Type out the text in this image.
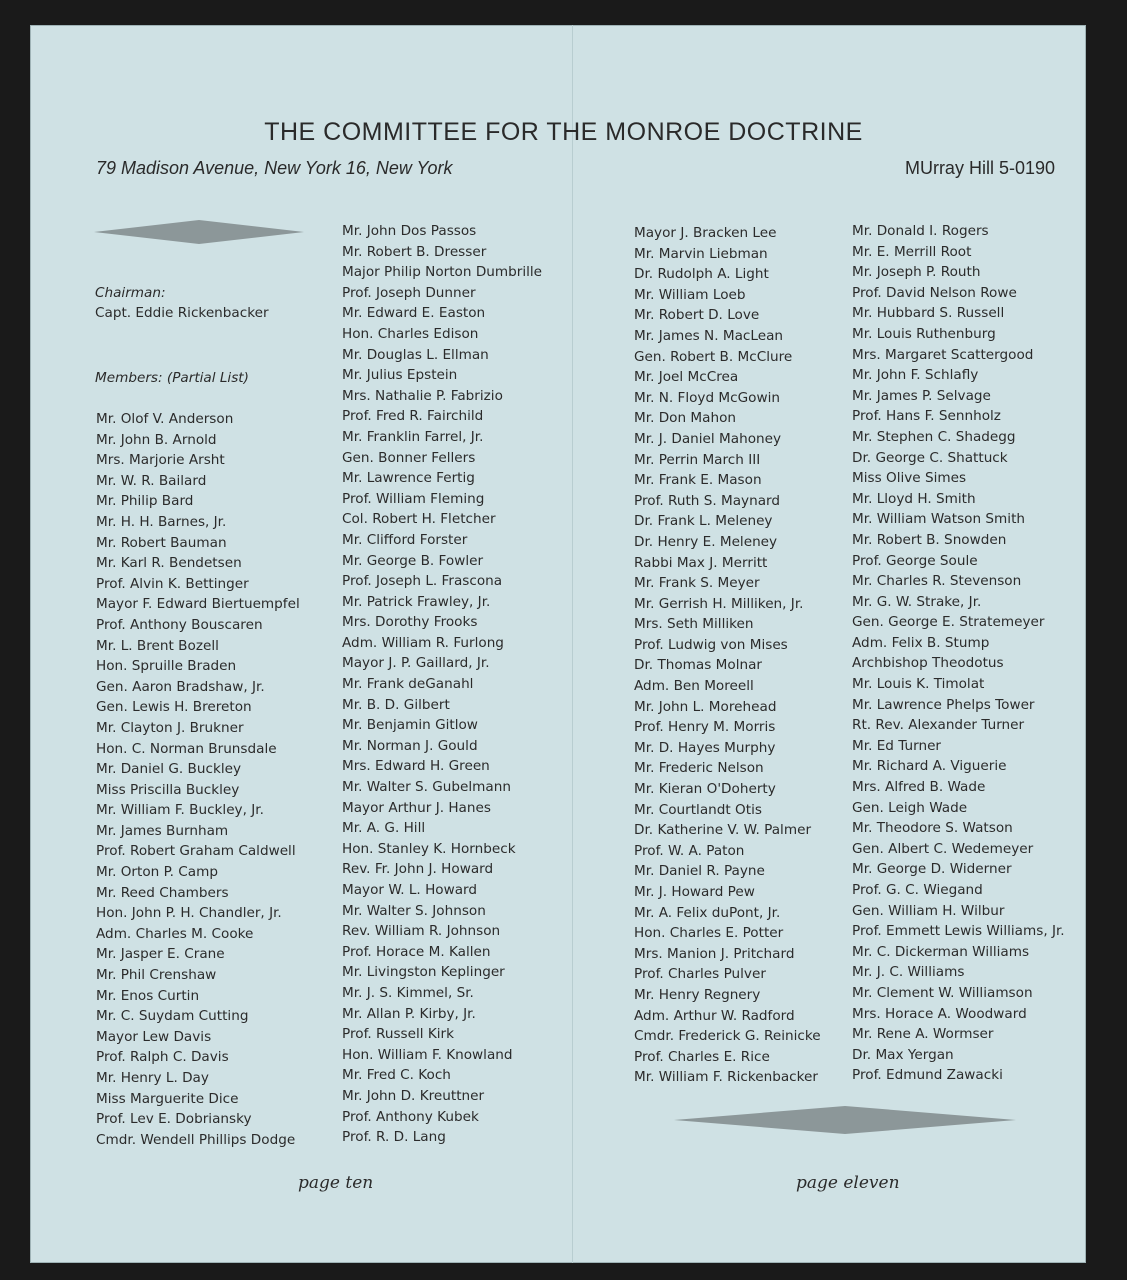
THE COMMITTEE FOR THE MONROE DOCTRINE
79 Madison Avenue, New York 16, New York	MUrray Hill 5-0190
Chairman:
Capt. Eddie Rickenbacker
Members: (Partial List)
Mr. Olof V. Anderson
Mr. John B. Arnold
Mrs. Marjorie Arsht
Mr. W. R. Bailard
Mr. Philip Bard
Mr. H. H. Barnes, Jr.
Mr. Robert Bauman
Mr. Karl R. Bendetsen
Prof. Alvin K. Bettinger
Mayor F. Edward Biertuempfel
Prof. Anthony Bouscaren
Mr. L. Brent Bozell
Hon. Spruille Braden
Gen. Aaron Bradshaw, Jr.
Gen. Lewis H. Brereton
Mr. Clayton J. Brukner
Hon. C. Norman Brunsdale
Mr. Daniel G. Buckley
Miss Priscilla Buckley
Mr. William F. Buckley, Jr.
Mr. James Burnham
Prof. Robert Graham Caldwell
Mr. Orton P. Camp
Mr. Reed Chambers
Hon. John P. H. Chandler, Jr.
Adm. Charles M. Cooke
Mr. Jasper E. Crane
Mr. Phil Crenshaw
Mr. Enos Curtin
Mr. C. Suydam Cutting
Mayor Lew Davis
Prof. Ralph C. Davis
Mr. Henry L. Day
Miss Marguerite Dice
Prof. Lev E. Dobriansky
Cmdr. Wendell Phillips Dodge
Mr. John Dos Passos
Mr. Robert B. Dresser
Major Philip Norton Dumbrille
Prof. Joseph Dunner
Mr. Edward E. Easton
Hon. Charles Edison
Mr. Douglas L. Ellman
Mr. Julius Epstein
Mrs. Nathalie P. Fabrizio
Prof. Fred R. Fairchild
Mr. Franklin Farrel, Jr.
Gen. Bonner Fellers
Mr. Lawrence Fertig
Prof. William Fleming
Col. Robert H. Fletcher
Mr. Clifford Forster
Mr. George B. Fowler
Prof. Joseph L. Frascona
Mr. Patrick Frawley, Jr.
Mrs. Dorothy Frooks
Adm. William R. Furlong
Mayor J. P. Gaillard, Jr.
Mr. Frank deGanahl
Mr. B. D. Gilbert
Mr. Benjamin Gitlow
Mr. Norman J. Gould
Mrs. Edward H. Green
Mr. Walter S. Gubelmann
Mayor Arthur J. Hanes
Mr. A. G. Hill
Hon. Stanley K. Hornbeck
Rev. Fr. John J. Howard
Mayor W. L. Howard
Mr. Walter S. Johnson
Rev. William R. Johnson
Prof. Horace M. Kallen
Mr. Livingston Keplinger
Mr. J. S. Kimmel, Sr.
Mr. Allan P. Kirby, Jr.
Prof. Russell Kirk
Hon. William F. Knowland
Mr. Fred C. Koch
Mr. John D. Kreuttner
Prof. Anthony Kubek
Prof. R. D. Lang
Mayor J. Bracken Lee
Mr. Marvin Liebman
Dr. Rudolph A. Light
Mr. William Loeb
Mr. Robert D. Love
Mr. James N. MacLean
Gen. Robert B. McClure
Mr. Joel McCrea
Mr. N. Floyd McGowin
Mr. Don Mahon
Mr. J. Daniel Mahoney
Mr. Perrin March III
Mr. Frank E. Mason
Prof. Ruth S. Maynard
Dr. Frank L. Meleney
Dr. Henry E. Meleney
Rabbi Max J. Merritt
Mr. Frank S. Meyer
Mr. Gerrish H. Milliken, Jr.
Mrs. Seth Milliken
Prof. Ludwig von Mises
Dr. Thomas Molnar
Adm. Ben Moreell
Mr. John L. Morehead
Prof. Henry M. Morris
Mr. D. Hayes Murphy
Mr. Frederic Nelson
Mr. Kieran O'Doherty
Mr. Courtlandt Otis
Dr. Katherine V. W. Palmer
Prof. W. A. Paton
Mr. Daniel R. Payne
Mr. J. Howard Pew
Mr. A. Felix duPont, Jr.
Hon. Charles E. Potter
Mrs. Manion J. Pritchard
Prof. Charles Pulver
Mr. Henry Regnery
Adm. Arthur W. Radford
Cmdr. Frederick G. Reinicke
Prof. Charles E. Rice
Mr. William F. Rickenbacker
Mr. Donald I. Rogers
Mr. E. Merrill Root
Mr. Joseph P. Routh
Prof. David Nelson Rowe
Mr. Hubbard S. Russell
Mr. Louis Ruthenburg
Mrs. Margaret Scattergood
Mr. John F. Schlafly
Mr. James P. Selvage
Prof. Hans F. Sennholz
Mr. Stephen C. Shadegg
Dr. George C. Shattuck
Miss Olive Simes
Mr. Lloyd H. Smith
Mr. William Watson Smith
Mr. Robert B. Snowden
Prof. George Soule
Mr. Charles R. Stevenson
Mr. G. W. Strake, Jr.
Gen. George E. Stratemeyer
Adm. Felix B. Stump
Archbishop Theodotus
Mr. Louis K. Timolat
Mr. Lawrence Phelps Tower
Rt. Rev. Alexander Turner
Mr. Ed Turner
Mr. Richard A. Viguerie
Mrs. Alfred B. Wade
Gen. Leigh Wade
Mr. Theodore S. Watson
Gen. Albert C. Wedemeyer
Mr. George D. Widerner
Prof. G. C. Wiegand
Gen. William H. Wilbur
Prof. Emmett Lewis Williams, Jr.
Mr. C. Dickerman Williams
Mr. J. C. Williams
Mr. Clement W. Williamson
Mrs. Horace A. Woodward
Mr. Rene A. Wormser
Dr. Max Yergan
Prof. Edmund Zawacki
page ten	page eleven
